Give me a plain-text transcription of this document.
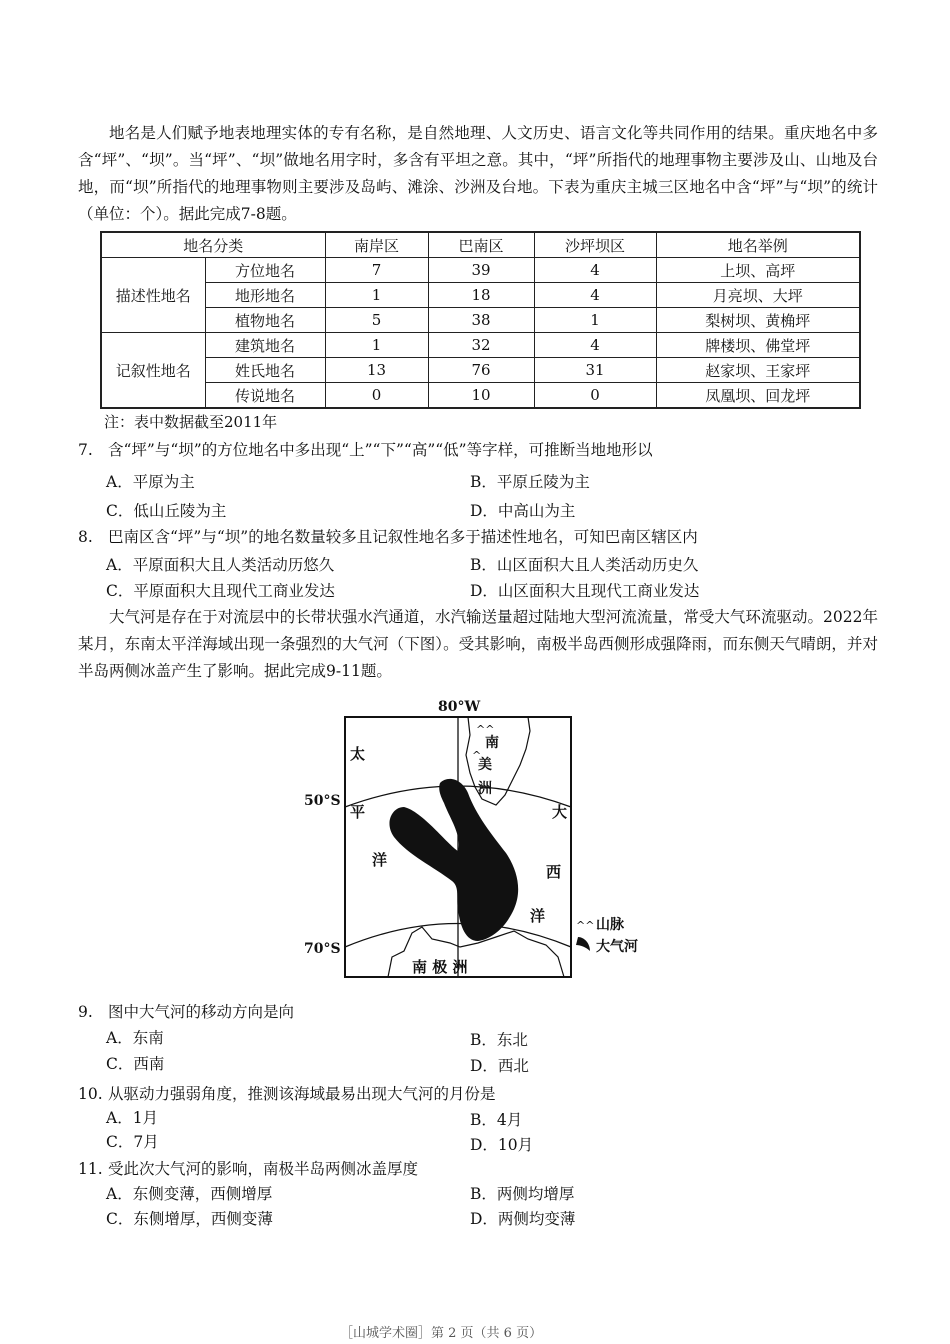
地名是人们赋予地表地理实体的专有名称，是自然地理、人文历史、语言文化等共同作用的结果。重庆地名中多含“坪”、“坝”。当“坪”、“坝”做地名用字时，多含有平坦之意。其中，“坪”所指代的地理事物主要涉及山、山地及台地，而“坝”所指代的地理事物则主要涉及岛屿、滩涂、沙洲及台地。下表为重庆主城三区地名中含“坪”与“坝”的统计（单位：个）。据此完成7-8题。

地名分类		南岸区	巴南区	沙坪坝区	地名举例
描述性地名	方位地名	7	39	4	上坝、高坪
	地形地名	1	18	4	月亮坝、大坪
	植物地名	5	38	1	梨树坝、黄桷坪
记叙性地名	建筑地名	1	32	4	牌楼坝、佛堂坪
	姓氏地名	13	76	31	赵家坝、王家坪
	传说地名	0	10	0	凤凰坝、回龙坪
注：表中数据截至2011年
7. 含“坪”与“坝”的方位地名中多出现“上”“下”“高”“低”等字样，可推断当地地形以
A．平原为主	B．平原丘陵为主
C．低山丘陵为主	D．中高山为主
8. 巴南区含“坪”与“坝”的地名数量较多且记叙性地名多于描述性地名，可知巴南区辖区内
A．平原面积大且人类活动历悠久	B．山区面积大且人类活动历史久
C．平原面积大且现代工商业发达	D．山区面积大且现代工商业发达

大气河是存在于对流层中的长带状强水汽通道，水汽输送量超过陆地大型河流流量，常受大气环流驱动。2022年某月，东南太平洋海域出现一条强烈的大气河（下图）。受其影响，南极半岛西侧形成强降雨，而东侧天气晴朗，并对半岛两侧冰盖产生了影响。据此完成9-11题。

^^
^
80°W
50°S
70°S
太
平
洋
大
西
洋
南
美
洲
南 极 洲
^^ 山脉
大气河
9. 图中大气河的移动方向是向
A．东南	B．东北
C．西南	D．西北
10. 从驱动力强弱角度，推测该海域最易出现大气河的月份是
A．1月	B．4月
C．7月	D．10月
11. 受此次大气河的影响，南极半岛两侧冰盖厚度
A．东侧变薄，西侧增厚	B．两侧均增厚
C．东侧增厚，西侧变薄	D．两侧均变薄
［山城学术圈］第 2 页（共 6 页）
